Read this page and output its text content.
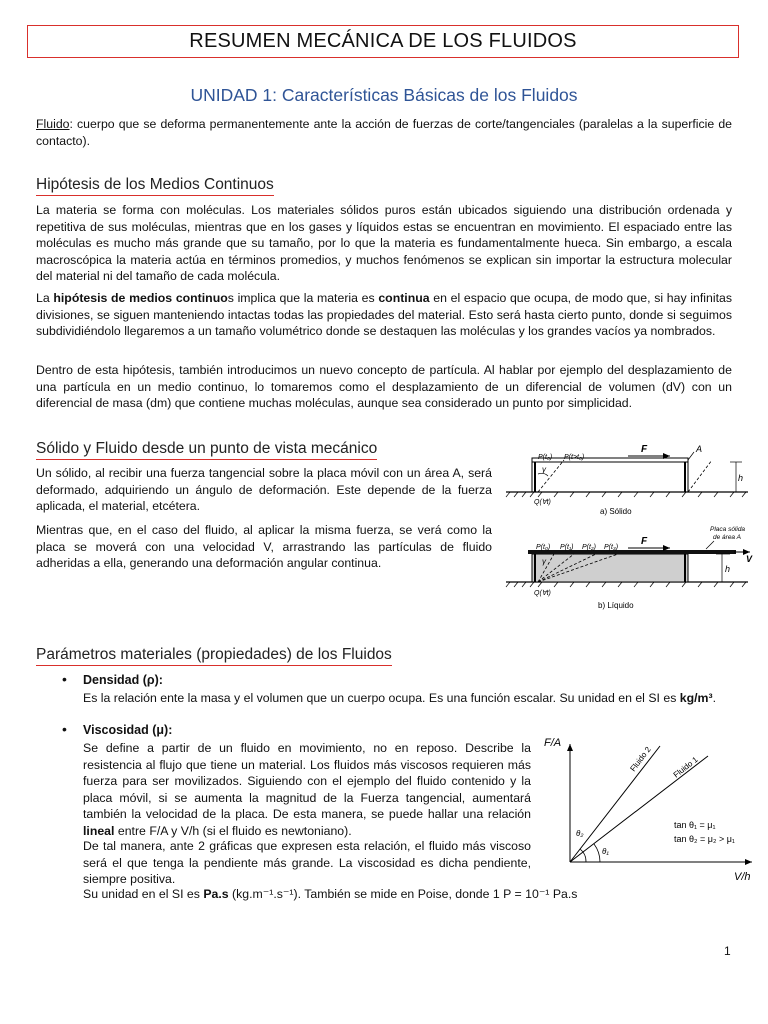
RESUMEN MECÁNICA DE LOS FLUIDOS
UNIDAD 1: Características Básicas de los Fluidos

Fluido: cuerpo que se deforma permanentemente ante la acción de fuerzas de corte/tangenciales (paralelas a la superficie de contacto).

Hipótesis de los Medios Continuos

La materia se forma con moléculas. Los materiales sólidos puros están ubicados siguiendo una distribución ordenada y repetitiva de sus moléculas, mientras que en los gases y líquidos estas se encuentran en movimiento. El espaciado entre las moléculas es mucho más grande que su tamaño, por lo que la materia es fundamentalmente hueca. Sin embargo, a escala macroscópica la materia actúa en términos promedios, y muchos fenómenos se explican sin importar la estructura molecular del material ni del tamaño de cada molécula.

La hipótesis de medios continuos implica que la materia es continua en el espacio que ocupa, de modo que, si hay infinitas divisiones, se siguen manteniendo intactas todas las propiedades del material. Esto será hasta cierto punto, donde si seguimos subdividiéndolo llegaremos a un tamaño volumétrico donde se destaquen las moléculas y los grandes vacíos ya nombrados.

Dentro de esta hipótesis, también introducimos un nuevo concepto de partícula. Al hablar por ejemplo del desplazamiento de una partícula en un medio continuo, lo tomaremos como el desplazamiento de un diferencial de volumen (dV) con un diferencial de masa (dm) que contiene muchas moléculas, aunque sea considerado un punto por simplicidad.

Sólido y Fluido desde un punto de vista mecánico

Un sólido, al recibir una fuerza tangencial sobre la placa móvil con un área A, será deformado, adquiriendo un ángulo de deformación. Este depende de la fuerza aplicada, el material, etcétera.

Mientras que, en el caso del fluido, al aplicar la misma fuerza, se verá como la placa se moverá con una velocidad V, arrastrando las partículas de fluido adheridas a ella, generando una deformación angular continua.

F	A
h
γ
P(t₀) P(t>t₀)
Q(∀t)
a) Sólido
F
V
h
Placa sólida
de área A
γ
P(t₀) P(t₁) P(t₂) P(t₃)
Q(∀t)
b) Líquido
Parámetros materiales (propiedades) de los Fluidos
• Densidad (ρ):

Es la relación ente la masa y el volumen que un cuerpo ocupa. Es una función escalar. Su unidad en el SI es kg/m³.

• Viscosidad (μ):

Se define a partir de un fluido en movimiento, no en reposo. Describe la resistencia al flujo que tiene un material. Los fluidos más viscosos requieren más fuerza para ser movilizados. Siguiendo con el ejemplo del fluido contenido y la placa móvil, si se aumenta la magnitud de la Fuerza tangencial, aumentará también la velocidad de la placa. De esta manera, se puede hallar una relación lineal entre F/A y V/h (si el fluido es newtoniano).

De tal manera, ante 2 gráficas que expresen esta relación, el fluido más viscoso será el que tenga la pendiente más grande. La viscosidad es dicha pendiente, siempre positiva.

Su unidad en el SI es Pa.s (kg.m⁻¹.s⁻¹). También se mide en Poise, donde 1 P = 10⁻¹ Pa.s

F/A
V/h
Fluido 2 Fluido 1
θ₂
θ₁
tan θ₁ = μ₁
tan θ₂ = μ₂ > μ₁
1
